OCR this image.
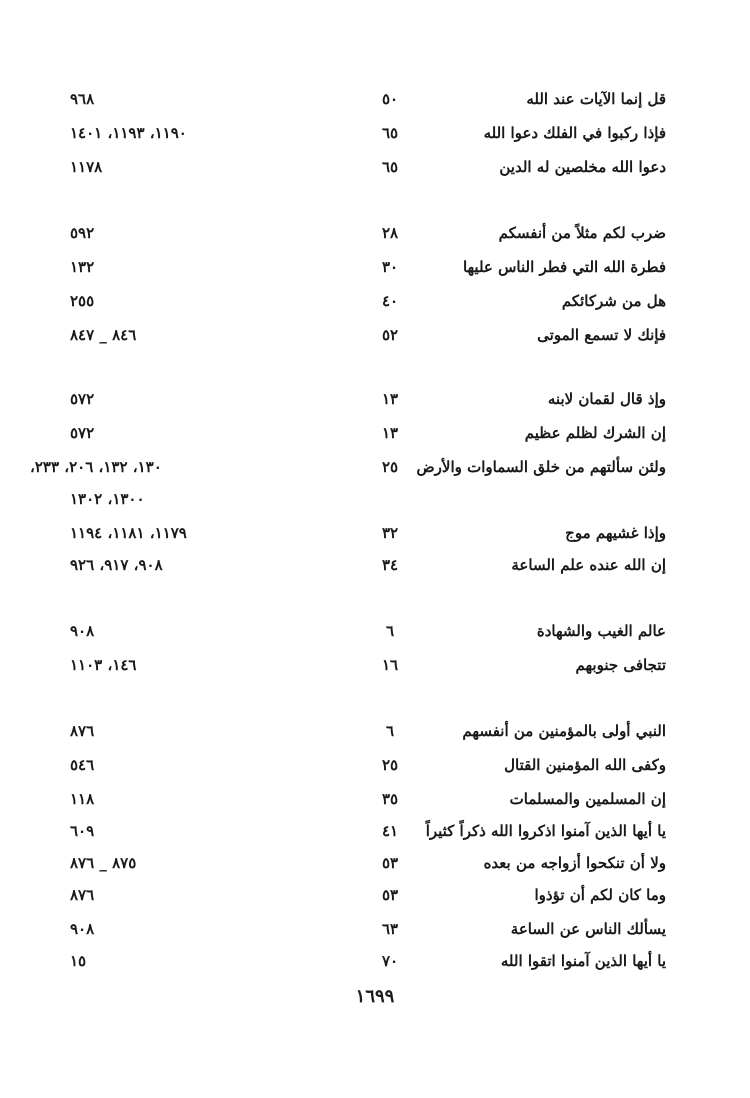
قل إنما الآيات عند الله
٥٠
٩٦٨
فإذا ركبوا في الفلك دعوا الله
٦٥
١١٩٠، ١١٩٣، ١٤٠١
دعوا الله مخلصين له الدين
٦٥
١١٧٨
ضرب لكم مثلاً من أنفسكم
٢٨
٥٩٢
فطرة الله التي فطر الناس عليها
٣٠
١٣٢
هل من شركائكم
٤٠
٢٥٥
فإنك لا تسمع الموتى
٥٢
٨٤٦ _ ٨٤٧
وإذ قال لقمان لابنه
١٣
٥٧٢
إن الشرك لظلم عظيم
١٣
٥٧٢
ولئن سألتهم من خلق السماوات والأرض
٢٥
١٣٠، ١٣٢، ٢٠٦، ٢٣٣،
١٣٠٠، ١٣٠٢
وإذا غشيهم موج
٣٢
١١٧٩، ١١٨١، ١١٩٤
إن الله عنده علم الساعة
٣٤
٩٠٨، ٩١٧، ٩٢٦
عالم الغيب والشهادة
٦
٩٠٨
تتجافى جنوبهم
١٦
١٤٦، ١١٠٣
النبي أولى بالمؤمنين من أنفسهم
٦
٨٧٦
وكفى الله المؤمنين القتال
٢٥
٥٤٦
إن المسلمين والمسلمات
٣٥
١١٨
يا أيها الذين آمنوا اذكروا الله ذكراً كثيراً
٤١
٦٠٩
ولا أن تنكحوا أزواجه من بعده
٥٣
٨٧٥ _ ٨٧٦
وما كان لكم أن تؤذوا
٥٣
٨٧٦
يسألك الناس عن الساعة
٦٣
٩٠٨
يا أيها الذين آمنوا اتقوا الله
٧٠
١٥
١٦٩٩
